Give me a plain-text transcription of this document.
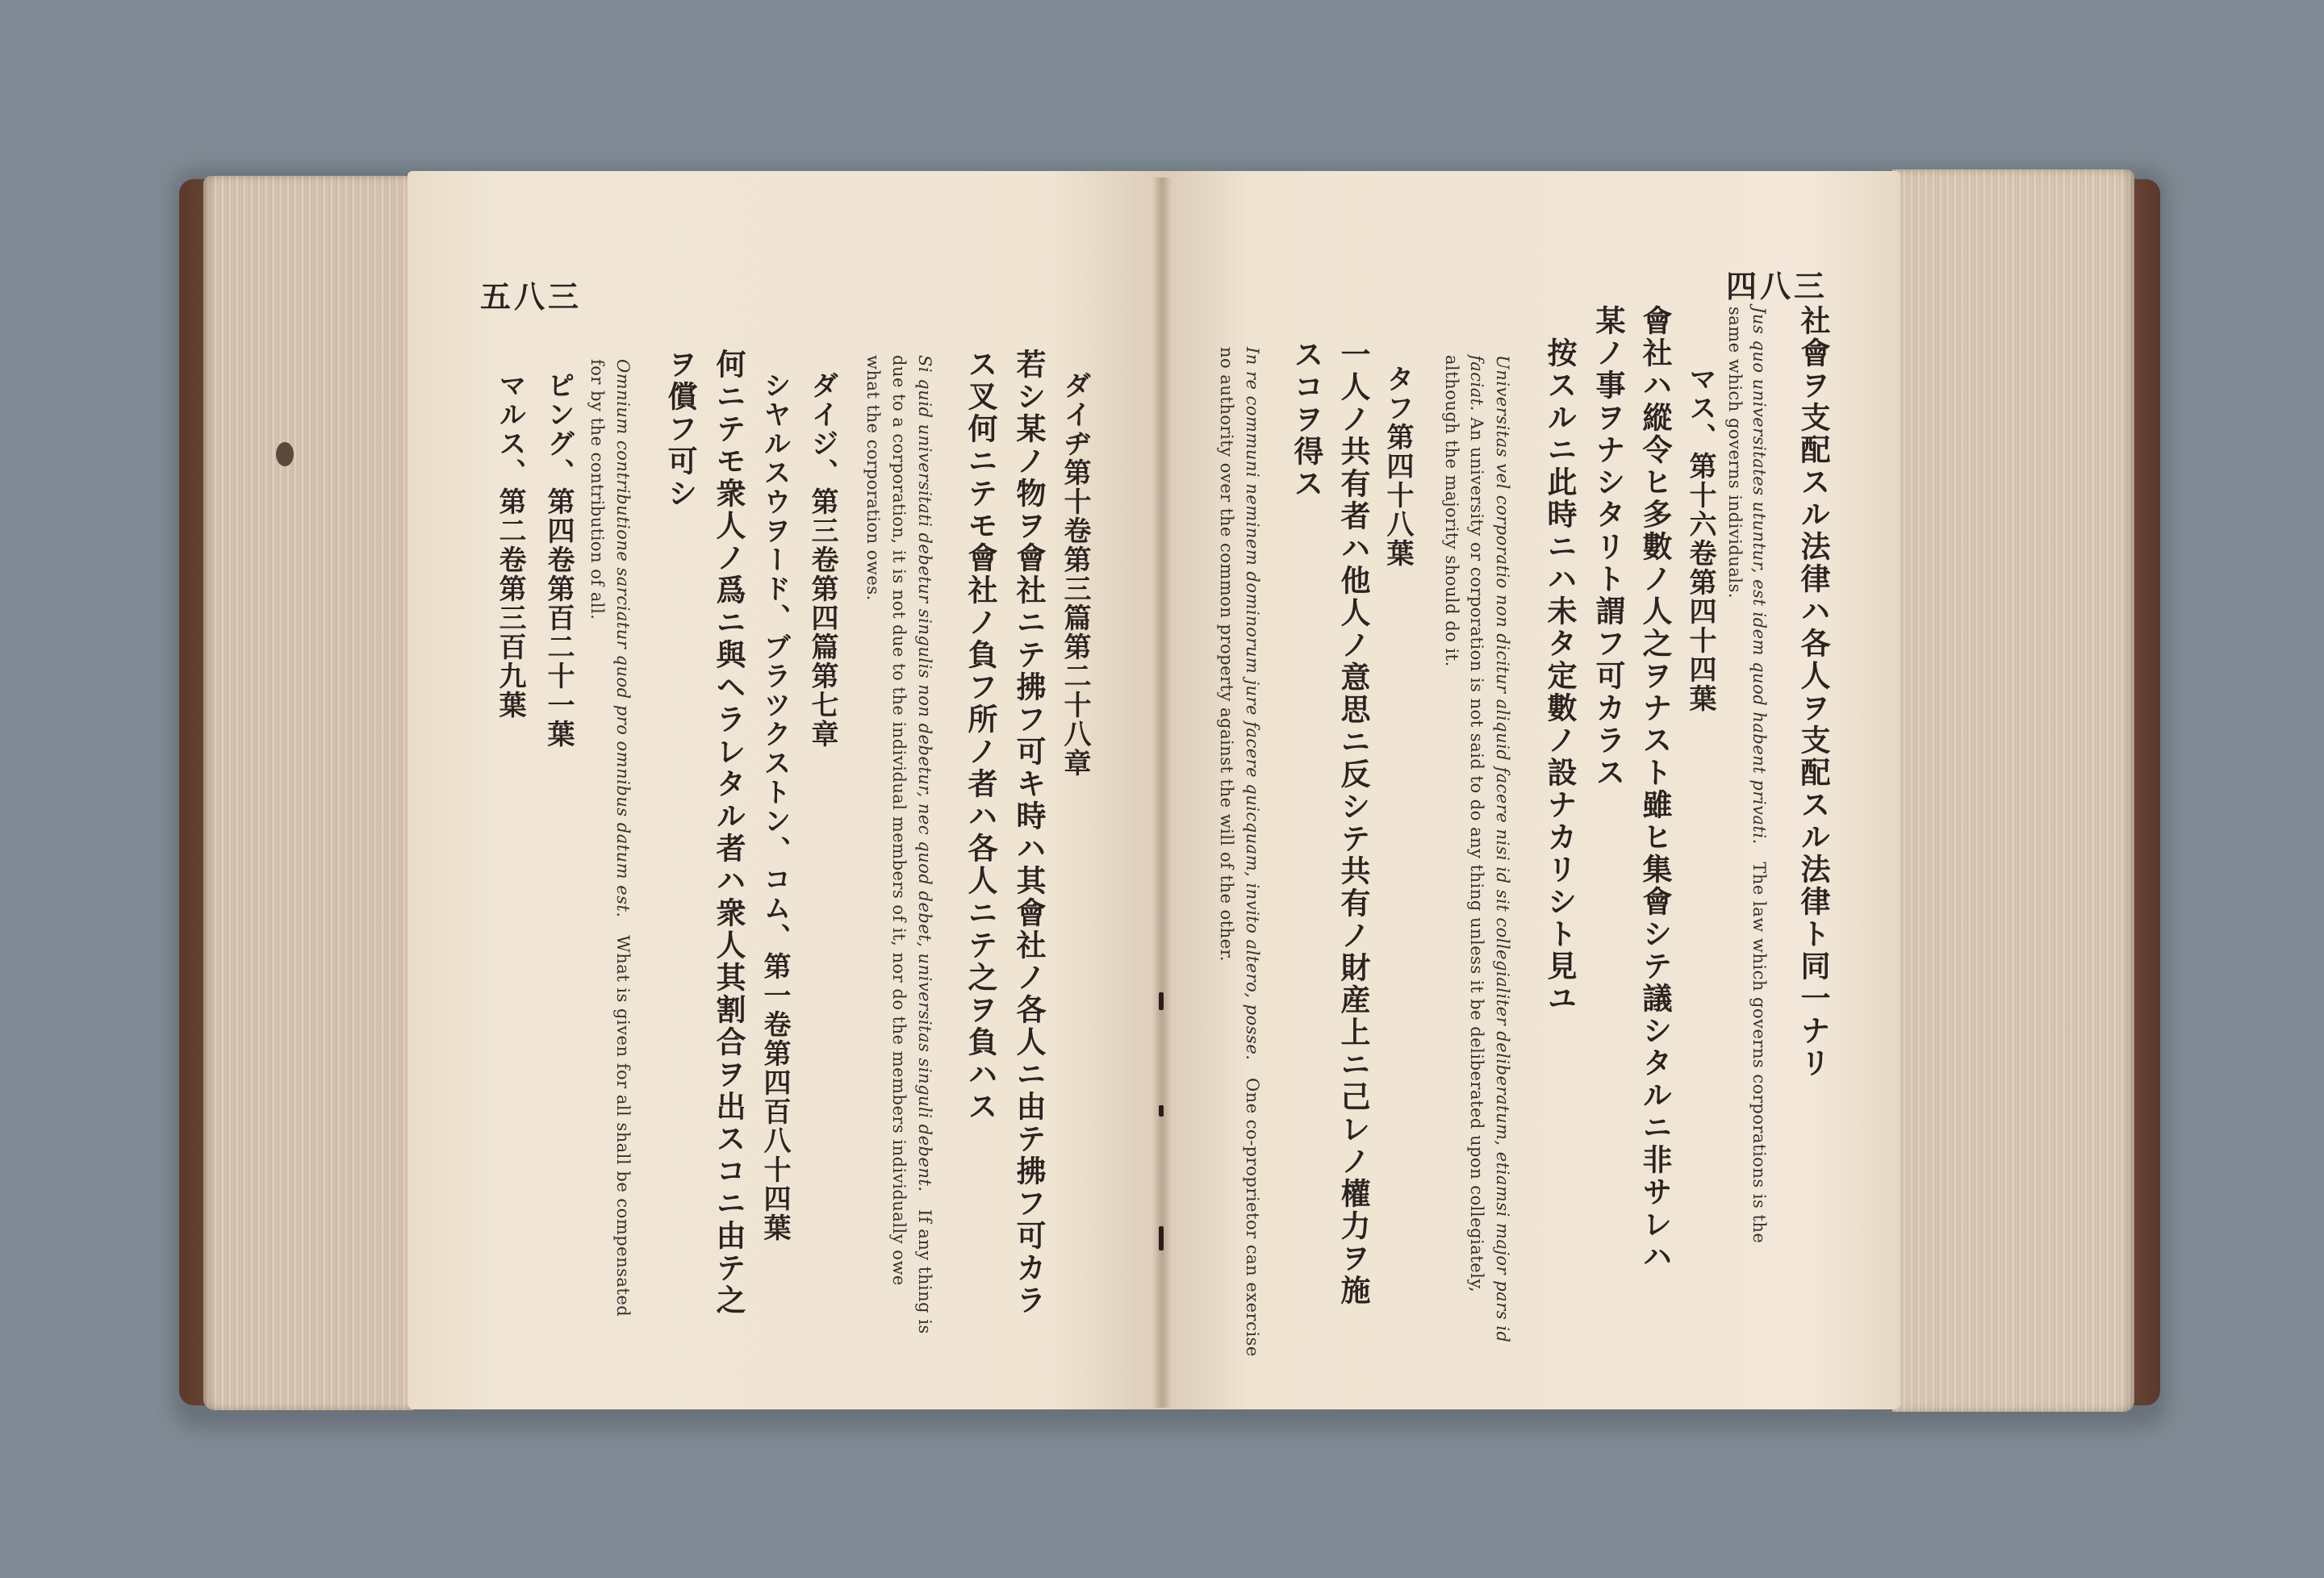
五八三	四八三
社會ヲ支配スル法律ハ各人ヲ支配スル法律ト同一ナリ
Jus quo universitates utuntur, est idem quod habent privati.   The law which governs corporations is the
same which governs individuals.
マス、第十六卷第四十四葉
會社ハ縱令ヒ多數ノ人之ヲナスト雖ヒ集會シテ議シタルニ非サレハ
某ノ事ヲナシタリト謂フ可カラス
按スルニ此時ニハ未タ定數ノ設ナカリシト見ユ
Universitas vel corporatio non dicitur aliquid facere nisi id sit collegialiter deliberatum, etiamsi major pars id
faciat. An university or corporation is not said to do any thing unless it be deliberated upon collegiately,
although the majority should do it.
タフ第四十八葉
一人ノ共有者ハ他人ノ意思ニ反シテ共有ノ財産上ニ己レノ權力ヲ施
スコヲ得ス
In re communi neminem dominorum jure facere quicquam, invito altero, posse.   One co-proprietor can exercise
no authority over the common property against the will of the other.
ダイヂ第十卷第三篇第二十八章
若シ某ノ物ヲ會社ニテ拂フ可キ時ハ其會社ノ各人ニ由テ拂フ可カラ
ス叉何ニテモ會社ノ負フ所ノ者ハ各人ニテ之ヲ負ハス
Si quid universitati debetur singulis non debetur, nec quod debet, universitas singuli debent.   If any thing is
due to a corporation, it is not due to the individual members of it, nor do the members individually owe
what the corporation owes.
ダイジ、第三卷第四篇第七章
シヤルスウヲード、ブラツクストン、コム、第一卷第四百八十四葉
何ニテモ衆人ノ爲ニ與ヘラレタル者ハ衆人其割合ヲ出スコニ由テ之
ヲ償フ可シ
Omnium contributione sarciatur quod pro omnibus datum est.   What is given for all shall be compensated
for by the contribution of all.
ピング、第四卷第百二十一葉
マルス、第二卷第三百九葉
